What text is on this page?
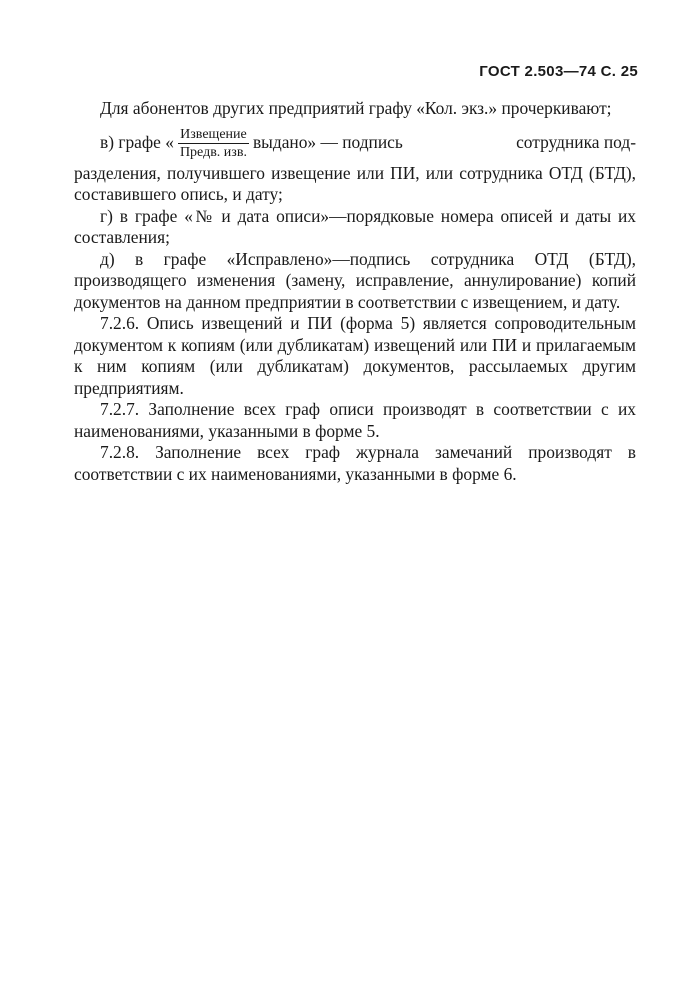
ГОСТ 2.503—74 С. 25

Для абонентов других предприятий графу «Кол. экз.» прочеркивают;

в) графе « $\frac{\text{Извещение}}{\text{Предв. изв.}}$ выдано» — подпись	сотрудника под-

разделения, получившего извещение или ПИ, или сотрудника ОТД (БТД), составившего опись, и дату;

г) в графе «№ и дата описи»—порядковые номера описей и даты их составления;

д) в графе «Исправлено»—подпись сотрудника ОТД (БТД), производящего изменения (замену, исправление, аннулирование) копий документов на данном предприятии в соответствии с извещением, и дату.

7.2.6. Опись извещений и ПИ (форма 5) является сопроводительным документом к копиям (или дубликатам) извещений или ПИ и прилагаемым к ним копиям (или дубликатам) документов, рассылаемых другим предприятиям.

7.2.7. Заполнение всех граф описи производят в соответствии с их наименованиями, указанными в форме 5.

7.2.8. Заполнение всех граф журнала замечаний производят в соответствии с их наименованиями, указанными в форме 6.
